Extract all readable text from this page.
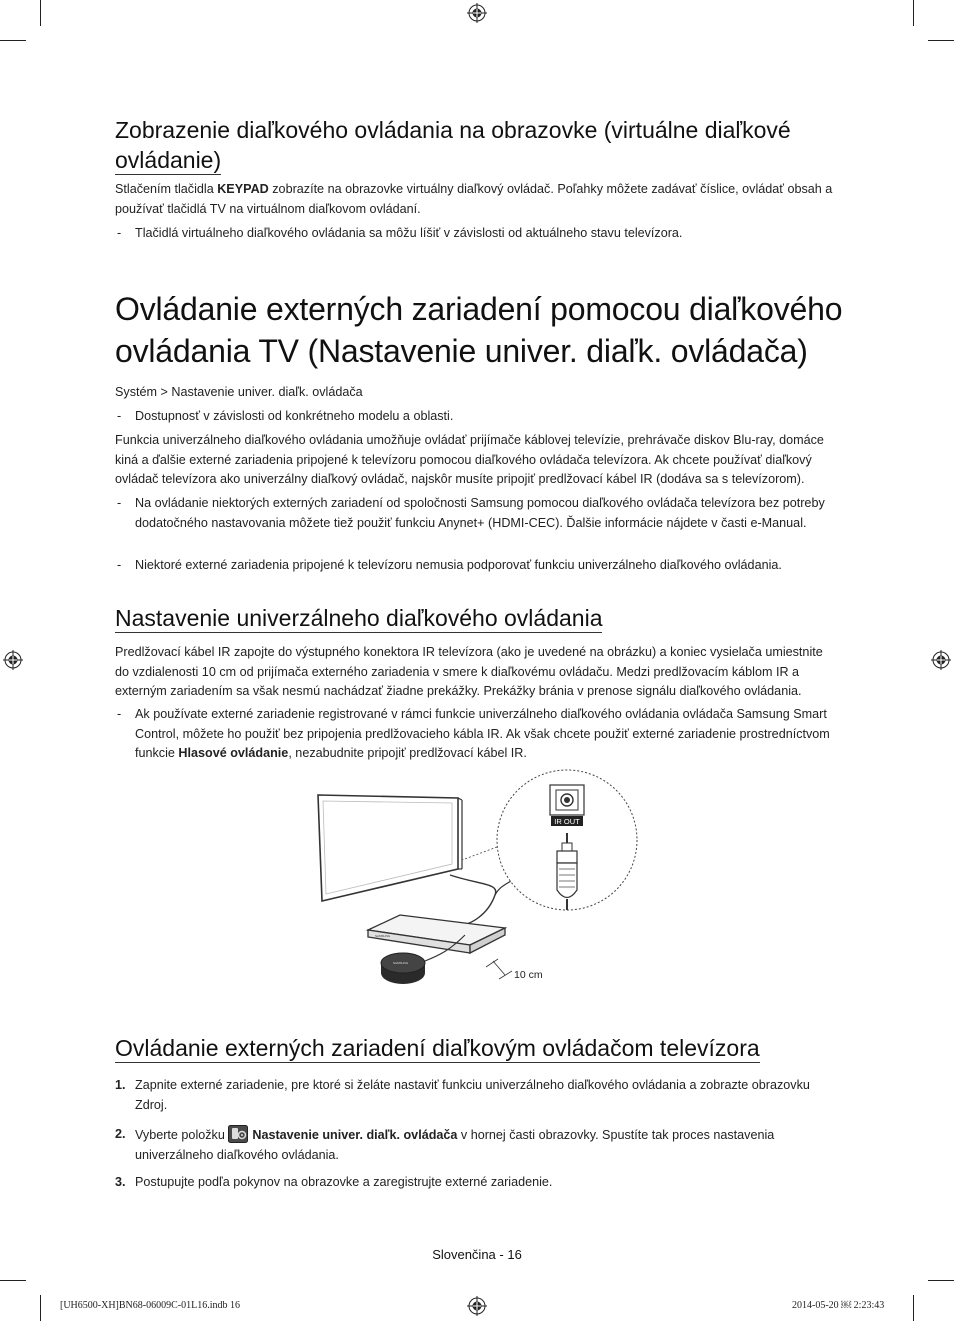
Zobrazenie diaľkového ovládania na obrazovke (virtuálne diaľkové
ovládanie)
Stlačením tlačidla KEYPAD zobrazíte na obrazovke virtuálny diaľkový ovládač. Poľahky môžete zadávať číslice, ovládať obsah a používať tlačidlá TV na virtuálnom diaľkovom ovládaní.
- Tlačidlá virtuálneho diaľkového ovládania sa môžu líšiť v závislosti od aktuálneho stavu televízora.
Ovládanie externých zariadení pomocou diaľkového
ovládania TV (Nastavenie univer. diaľk. ovládača)
Systém > Nastavenie univer. diaľk. ovládača
- Dostupnosť v závislosti od konkrétneho modelu a oblasti.
Funkcia univerzálneho diaľkového ovládania umožňuje ovládať prijímače káblovej televízie, prehrávače diskov Blu-ray, domáce kiná a ďalšie externé zariadenia pripojené k televízoru pomocou diaľkového ovládača televízora. Ak chcete používať diaľkový ovládač televízora ako univerzálny diaľkový ovládač, najskôr musíte pripojiť predlžovací kábel IR (dodáva sa s televízorom).
- Na ovládanie niektorých externých zariadení od spoločnosti Samsung pomocou diaľkového ovládača televízora bez potreby dodatočného nastavovania môžete tiež použiť funkciu Anynet+ (HDMI-CEC). Ďalšie informácie nájdete v časti e-Manual.
- Niektoré externé zariadenia pripojené k televízoru nemusia podporovať funkciu univerzálneho diaľkového ovládania.
Nastavenie univerzálneho diaľkového ovládania
Predlžovací kábel IR zapojte do výstupného konektora IR televízora (ako je uvedené na obrázku) a koniec vysielača umiestnite do vzdialenosti 10 cm od prijímača externého zariadenia v smere k diaľkovému ovládaču. Medzi predlžovacím káblom IR a externým zariadením sa však nesmú nachádzať žiadne prekážky. Prekážky bránia v prenose signálu diaľkového ovládania.
- Ak používate externé zariadenie registrované v rámci funkcie univerzálneho diaľkového ovládania ovládača Samsung Smart Control, môžete ho použiť bez pripojenia predlžovacieho kábla IR. Ak však chcete použiť externé zariadenie prostredníctvom funkcie Hlasové ovládanie, nezabudnite pripojiť predlžovací kábel IR.
SAMSUNG
SAMSUNG
10 cm
IR OUT
Ovládanie externých zariadení diaľkovým ovládačom televízora
1. Zapnite externé zariadenie, pre ktoré si želáte nastaviť funkciu univerzálneho diaľkového ovládania a zobrazte obrazovku Zdroj.
2. Vyberte položku Nastavenie univer. diaľk. ovládača v hornej časti obrazovky. Spustíte tak proces nastavenia univerzálneho diaľkového ovládania.
3. Postupujte podľa pokynov na obrazovke a zaregistrujte externé zariadenie.
Slovenčina - 16
[UH6500-XH]BN68-06009C-01L16.indb 16	2014-05-20 ￼ 2:23:43
